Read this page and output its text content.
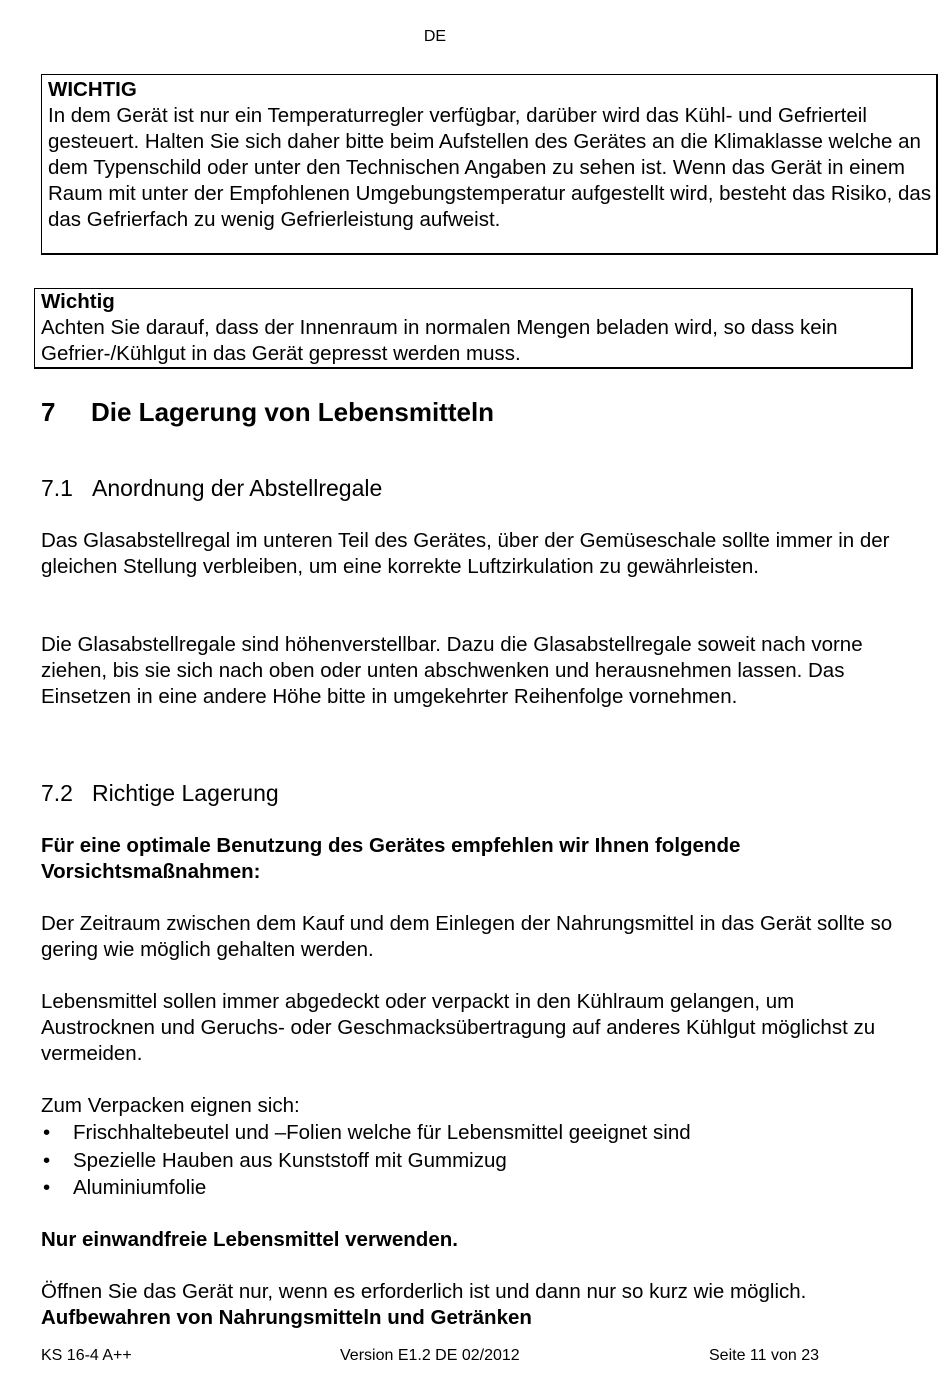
DE

WICHTIG

In dem Gerät ist nur ein Temperaturregler verfügbar, darüber wird das Kühl- und Gefrierteil gesteuert. Halten Sie sich daher bitte beim Aufstellen des Gerätes an die Klimaklasse welche an dem Typenschild oder unter den Technischen Angaben zu sehen ist. Wenn das Gerät in einem Raum mit unter der Empfohlenen Umgebungstemperatur aufgestellt wird, besteht das Risiko, das das Gefrierfach zu wenig Gefrierleistung aufweist.

Wichtig

Achten Sie darauf, dass der Innenraum in normalen Mengen beladen wird, so dass kein Gefrier-/Kühlgut in das Gerät gepresst werden muss.

7 Die Lagerung von Lebensmitteln
7.1 Anordnung der Abstellregale

Das Glasabstellregal im unteren Teil des Gerätes, über der Gemüseschale sollte immer in der gleichen Stellung verbleiben, um eine korrekte Luftzirkulation zu gewährleisten.

Die Glasabstellregale sind höhenverstellbar. Dazu die Glasabstellregale soweit nach vorne ziehen, bis sie sich nach oben oder unten abschwenken und herausnehmen lassen. Das Einsetzen in eine andere Höhe bitte in umgekehrter Reihenfolge vornehmen.

7.2 Richtige Lagerung

Für eine optimale Benutzung des Gerätes empfehlen wir Ihnen folgende Vorsichtsmaßnahmen:

Der Zeitraum zwischen dem Kauf und dem Einlegen der Nahrungsmittel in das Gerät sollte so gering wie möglich gehalten werden.

Lebensmittel sollen immer abgedeckt oder verpackt in den Kühlraum gelangen, um Austrocknen und Geruchs- oder Geschmacksübertragung auf anderes Kühlgut möglichst zu vermeiden.

Zum Verpacken eignen sich:

• Frischhaltebeutel und –Folien welche für Lebensmittel geeignet sind
• Spezielle Hauben aus Kunststoff mit Gummizug
• Aluminiumfolie

Nur einwandfreie Lebensmittel verwenden.

Öffnen Sie das Gerät nur, wenn es erforderlich ist und dann nur so kurz wie möglich.

Aufbewahren von Nahrungsmitteln und Getränken

KS 16-4 A++	Version E1.2 DE 02/2012	Seite 11 von 23
